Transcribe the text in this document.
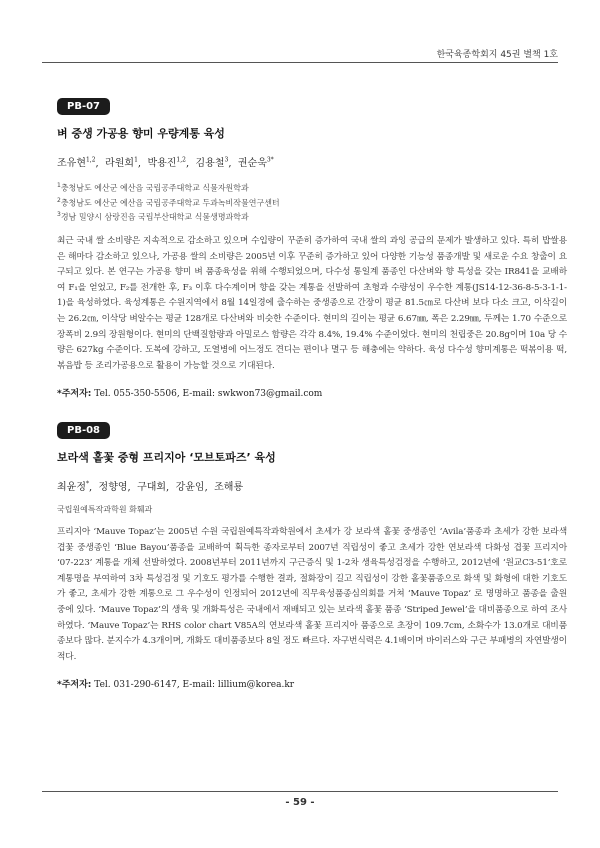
한국육종학회지 45권 별책 1호
PB-07
벼 중생 가공용 향미 우량계통 육성
조유현$^{1,2}$,  라원희$^1$,  박용진$^{1,2}$,  김용철$^3$,  권순욱$^{3*}$
$^1$충청남도 예산군 예산읍 국립공주대학교 식물자원학과
$^2$충청남도 예산군 예산읍 국립공주대학교 두과녹비작물연구센터
$^3$경남 밀양시 삼랑진읍 국립부산대학교 식물생명과학과
최근 국내 쌀 소비량은 지속적으로 감소하고 있으며 수입량이 꾸준히 증가하여 국내 쌀의 과잉 공급의 문제가 발생하고 있다. 특히 밥쌀용은 해마다 감소하고 있으나, 가공용 쌀의 소비량은 2005년 이후 꾸준히 증가하고 있어 다양한 기능성 품종개발 및 새로운 수요 창출이 요구되고 있다. 본 연구는 가공용 향미 벼 품종육성을 위해 수행되었으며, 다수성 통일계 품종인 다산벼와 향 특성을 갖는 IR841을 교배하여 F₁을 얻었고, F₂를 전개한 후, F₃ 이후 다수계이며 향을 갖는 계통을 선발하여 초형과 수량성이 우수한 계통(JS14-12-36-8-5-3-1-1-1)을 육성하였다. 육성계통은 수원지역에서 8월 14일경에 출수하는 중생종으로 간장이 평균 81.5㎝로 다산벼 보다 다소 크고, 이삭길이는 26.2㎝, 이삭당 벼알수는 평균 128개로 다산벼와 비슷한 수준이다. 현미의 길이는 평균 6.67㎜, 폭은 2.29㎜, 두께는 1.70 수준으로 장폭비 2.9의 장원형이다. 현미의 단백질함량과 아밀로스 함량은 각각 8.4%, 19.4% 수준이었다. 현미의 천립중은 20.8g이며 10a 당 수량은 627kg 수준이다. 도복에 강하고, 도열병에 어느정도 견디는 편이나 멸구 등 해충에는 약하다. 육성 다수성 향미계통은 떡볶이용 떡, 볶음밥 등 조리가공용으로 활용이 가능할 것으로 기대된다.
*주저자: Tel. 055-350-5506, E-mail: swkwon73@gmail.com
PB-08
보라색 홑꽃 중형 프리지아 ‘모브토파즈’ 육성
최윤정*,  정향영,  구대회,  강윤임,  조해룡
국립원예특작과학원 화훼과
프리지아 ‘Mauve Topaz’는 2005년 수원 국립원예특작과학원에서 초세가 강 보라색 홑꽃 중생종인 ‘Avila’품종과 초세가 강한 보라색 겹꽃 중생종인 ‘Blue Bayou’품종을 교배하여 획득한 종자로부터 2007년 직립성이 좋고 초세가 강한 연보라색 다화성 겹꽃 프리지아 ‘07-223’ 계통을 개체 선발하였다. 2008년부터 2011년까지 구근증식 및 1-2차 생육특성검정을 수행하고, 2012년에 ‘원교C3-51’호로 계통명을 부여하여 3차 특성검정 및 기호도 평가를 수행한 결과, 절화장이 길고 직립성이 강한 홑꽃품종으로 화색 및 화형에 대한 기호도가 좋고, 초세가 강한 계통으로 그 우수성이 인정되어 2012년에 직무육성품종심의회를 거쳐 ‘Mauve Topaz’ 로 명명하고 품종을 출원 중에 있다. ‘Mauve Topaz’의 생육 및 개화특성은 국내에서 재배되고 있는 보라색 홑꽃 품종 ‘Striped Jewel’을 대비품종으로 하여 조사하였다. ‘Mauve Topaz’는 RHS color chart V85A의 연보라색 홑꽃 프리지아 품종으로 초장이 109.7cm, 소화수가 13.0개로 대비품종보다 많다. 분지수가 4.3개이며, 개화도 대비품종보다 8일 정도 빠르다. 자구번식력은 4.1배이며 바이러스와 구근 부패병의 자연발생이 적다.
*주저자: Tel. 031-290-6147, E-mail: lillium@korea.kr
- 59 -
